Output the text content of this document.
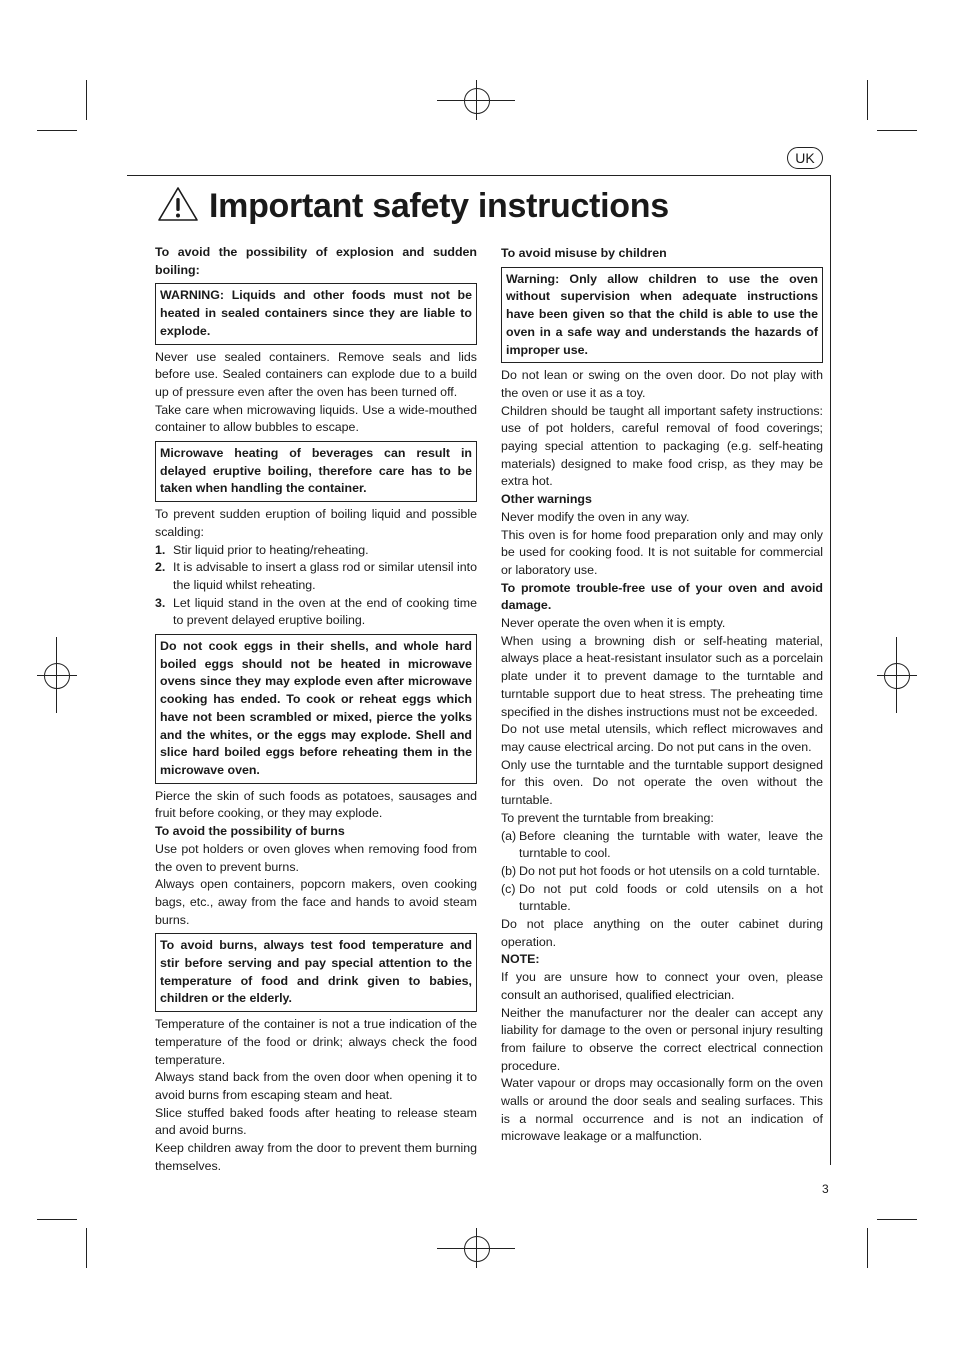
UK
Important safety instructions

To avoid the possibility of explosion and sudden boiling:

WARNING: Liquids and other foods must not be heated in sealed containers since they are liable to explode.

Never use sealed containers. Remove seals and lids before use. Sealed containers can explode due to a build up of pressure even after the oven has been turned off.

Take care when microwaving liquids. Use a wide-mouthed container to allow bubbles to escape.

Microwave heating of beverages can result in delayed eruptive boiling, therefore care has to be taken when handling the container.

To prevent sudden eruption of boiling liquid and possible scalding:

1. Stir liquid prior to heating/reheating.
2. It is advisable to insert a glass rod or similar utensil into the liquid whilst reheating.
3. Let liquid stand in the oven at the end of cooking time to prevent delayed eruptive boiling.
Do not cook eggs in their shells, and whole hard boiled eggs should not be heated in microwave ovens since they may explode even after microwave cooking has ended. To cook or reheat eggs which have not been scrambled or mixed, pierce the yolks and the whites, or the eggs may explode. Shell and slice hard boiled eggs before reheating them in the microwave oven.

Pierce the skin of such foods as potatoes, sausages and fruit before cooking, or they may explode.

To avoid the possibility of burns

Use pot holders or oven gloves when removing food from the oven to prevent burns.

Always open containers, popcorn makers, oven cooking bags, etc., away from the face and hands to avoid steam burns.

To avoid burns, always test food temperature and stir before serving and pay special attention to the temperature of food and drink given to babies, children or the elderly.

Temperature of the container is not a true indication of the temperature of the food or drink; always check the food temperature.

Always stand back from the oven door when opening it to avoid burns from escaping steam and heat.

Slice stuffed baked foods after heating to release steam and avoid burns.

Keep children away from the door to prevent them burning themselves.

To avoid misuse by children

Warning: Only allow children to use the oven without supervision when adequate instructions have been given so that the child is able to use the oven in a safe way and understands the hazards of improper use.

Do not lean or swing on the oven door. Do not play with the oven or use it as a toy.

Children should be taught all important safety instructions: use of pot holders, careful removal of food coverings; paying special attention to packaging (e.g. self-heating materials) designed to make food crisp, as they may be extra hot.

Other warnings

Never modify the oven in any way.

This oven is for home food preparation only and may only be used for cooking food. It is not suitable for commercial or laboratory use.

To promote trouble-free use of your oven and avoid damage.

Never operate the oven when it is empty.

When using a browning dish or self-heating material, always place a heat-resistant insulator such as a porcelain plate under it to prevent damage to the turntable and turntable support due to heat stress. The preheating time specified in the dishes instructions must not be exceeded.

Do not use metal utensils, which reflect microwaves and may cause electrical arcing. Do not put cans in the oven.

Only use the turntable and the turntable support designed for this oven. Do not operate the oven without the turntable.

To prevent the turntable from breaking:

(a) Before cleaning the turntable with water, leave the turntable to cool.
(b) Do not put hot foods or hot utensils on a cold turntable.
(c) Do not put cold foods or cold utensils on a hot turntable.

Do not place anything on the outer cabinet during operation.

NOTE:

If you are unsure how to connect your oven, please consult an authorised, qualified electrician.

Neither the manufacturer nor the dealer can accept any liability for damage to the oven or personal injury resulting from failure to observe the correct electrical connection procedure.

Water vapour or drops may occasionally form on the oven walls or around the door seals and sealing surfaces. This is a normal occurrence and is not an indication of microwave leakage or a malfunction.

3
